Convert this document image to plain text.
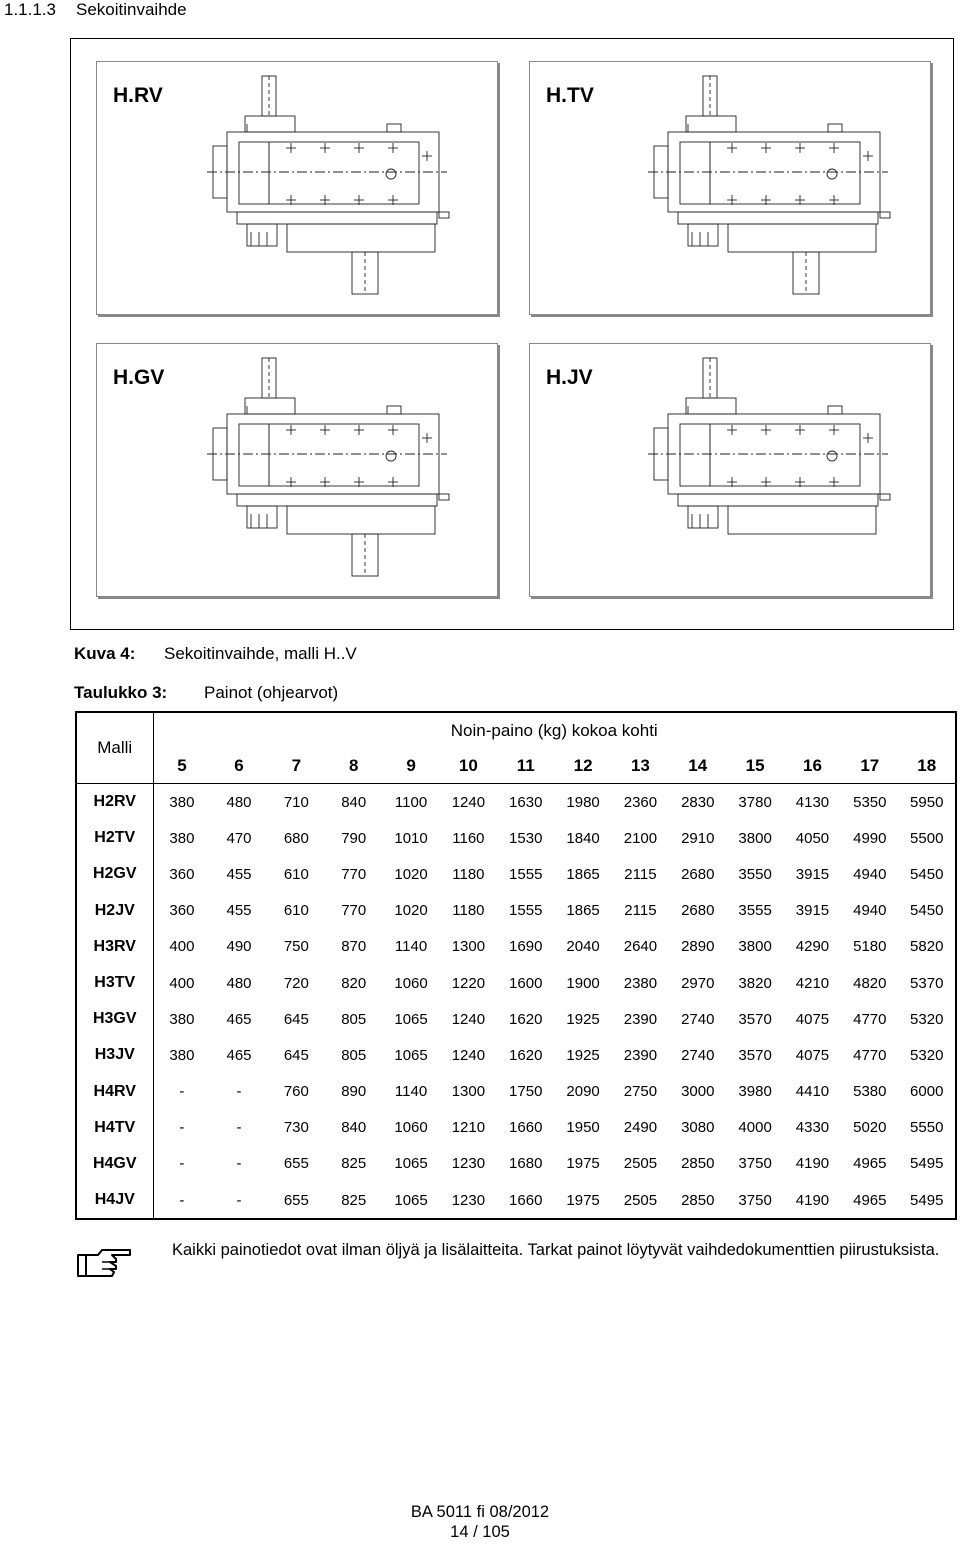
1.1.1.3 Sekoitinvaihde
H.RV	H.TV
H.GV	H.JV
Kuva 4: Sekoitinvaihde, malli H..V
Taulukko 3: Painot (ohjearvot)
Malli	Noin-paino (kg) kokoa kohti													
	5	6	7	8	9	10	11	12	13	14	15	16	17	18
H2RV	380	480	710	840	1100	1240	1630	1980	2360	2830	3780	4130	5350	5950
H2TV	380	470	680	790	1010	1160	1530	1840	2100	2910	3800	4050	4990	5500
H2GV	360	455	610	770	1020	1180	1555	1865	2115	2680	3550	3915	4940	5450
H2JV	360	455	610	770	1020	1180	1555	1865	2115	2680	3555	3915	4940	5450
H3RV	400	490	750	870	1140	1300	1690	2040	2640	2890	3800	4290	5180	5820
H3TV	400	480	720	820	1060	1220	1600	1900	2380	2970	3820	4210	4820	5370
H3GV	380	465	645	805	1065	1240	1620	1925	2390	2740	3570	4075	4770	5320
H3JV	380	465	645	805	1065	1240	1620	1925	2390	2740	3570	4075	4770	5320
H4RV	-	-	760	890	1140	1300	1750	2090	2750	3000	3980	4410	5380	6000
H4TV	-	-	730	840	1060	1210	1660	1950	2490	3080	4000	4330	5020	5550
H4GV	-	-	655	825	1065	1230	1680	1975	2505	2850	3750	4190	4965	5495
H4JV	-	-	655	825	1065	1230	1660	1975	2505	2850	3750	4190	4965	5495
Kaikki painotiedot ovat ilman öljyä ja lisälaitteita. Tarkat painot löytyvät vaihdedokumenttien piirustuksista.
BA 5011 fi 08/2012
14 / 105
